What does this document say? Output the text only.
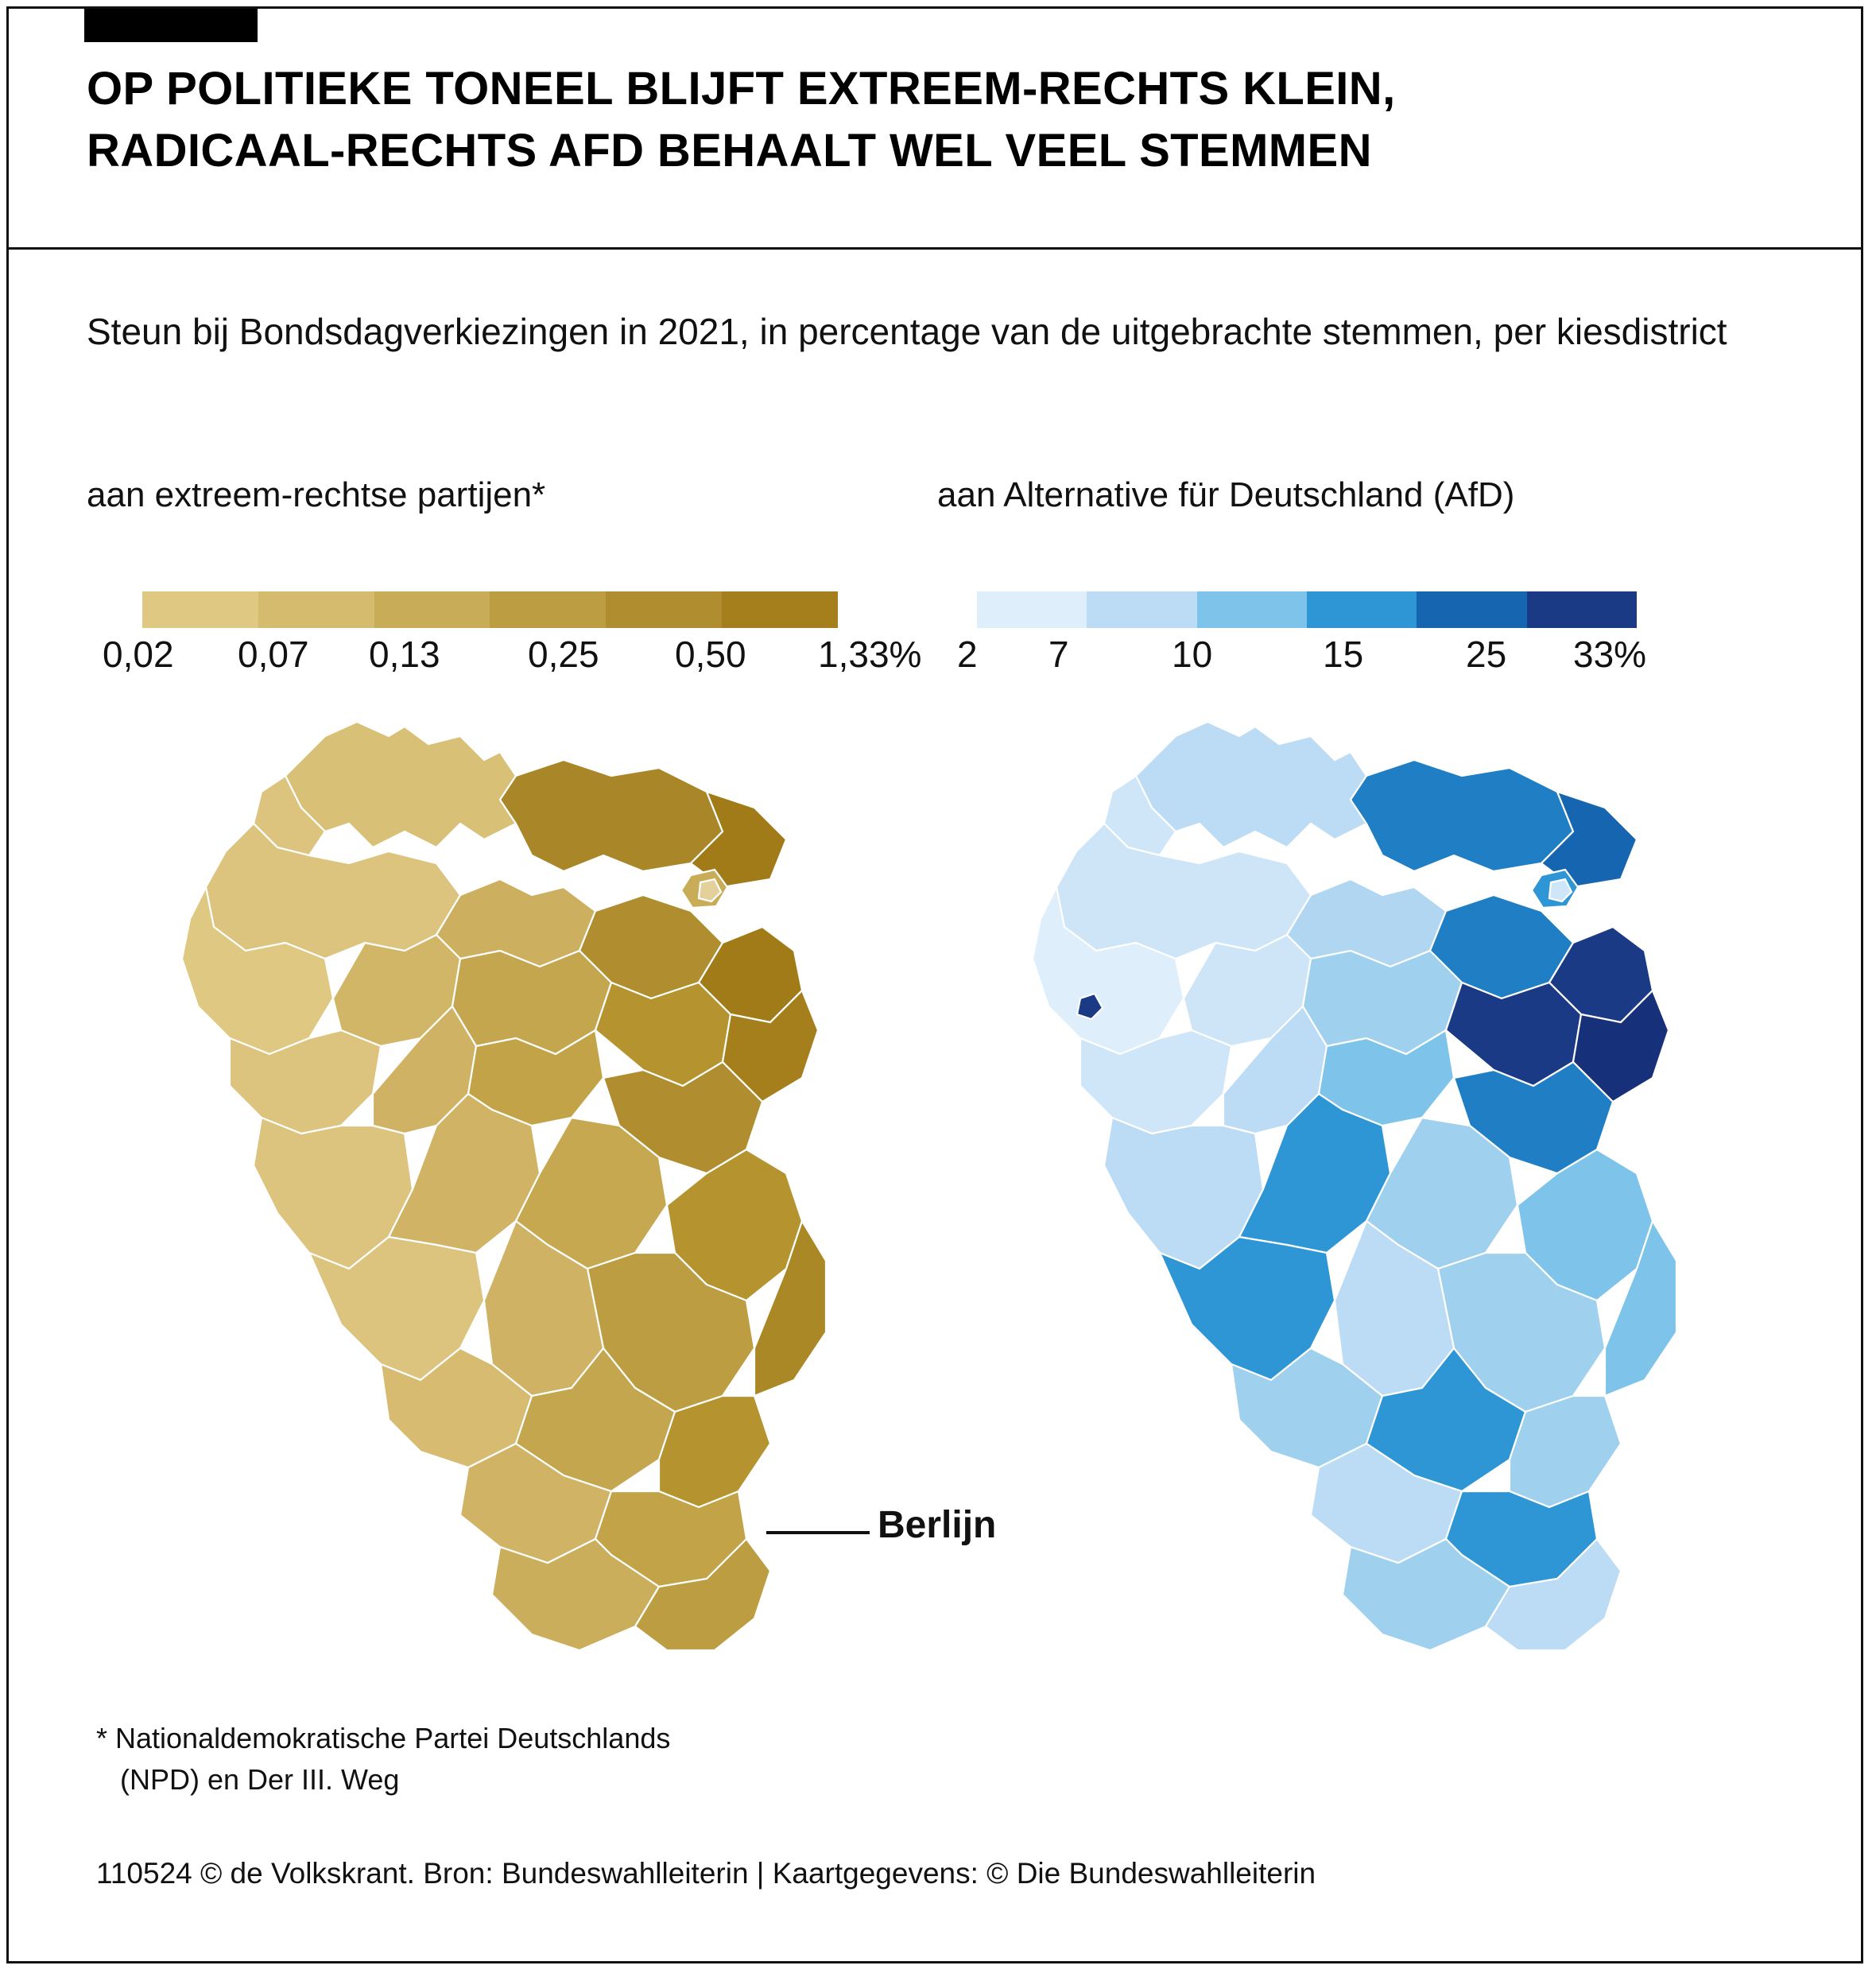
OP POLITIEKE TONEEL BLIJFT EXTREEM-RECHTS KLEIN,
RADICAAL-RECHTS AFD BEHAALT WEL VEEL STEMMEN
Steun bij Bondsdagverkiezingen in 2021, in percentage van de uitgebrachte stemmen, per kiesdistrict
aan extreem-rechtse partijen*
0,02 0,07 0,13 0,25 0,50 1,33%
Berlijn
aan Alternative für Deutschland (AfD)
2 7	10	15	25 33%
* Nationaldemokratische Partei Deutschlands
(NPD) en Der III. Weg
110524 © de Volkskrant. Bron: Bundeswahlleiterin | Kaartgegevens: © Die Bundeswahlleiterin
